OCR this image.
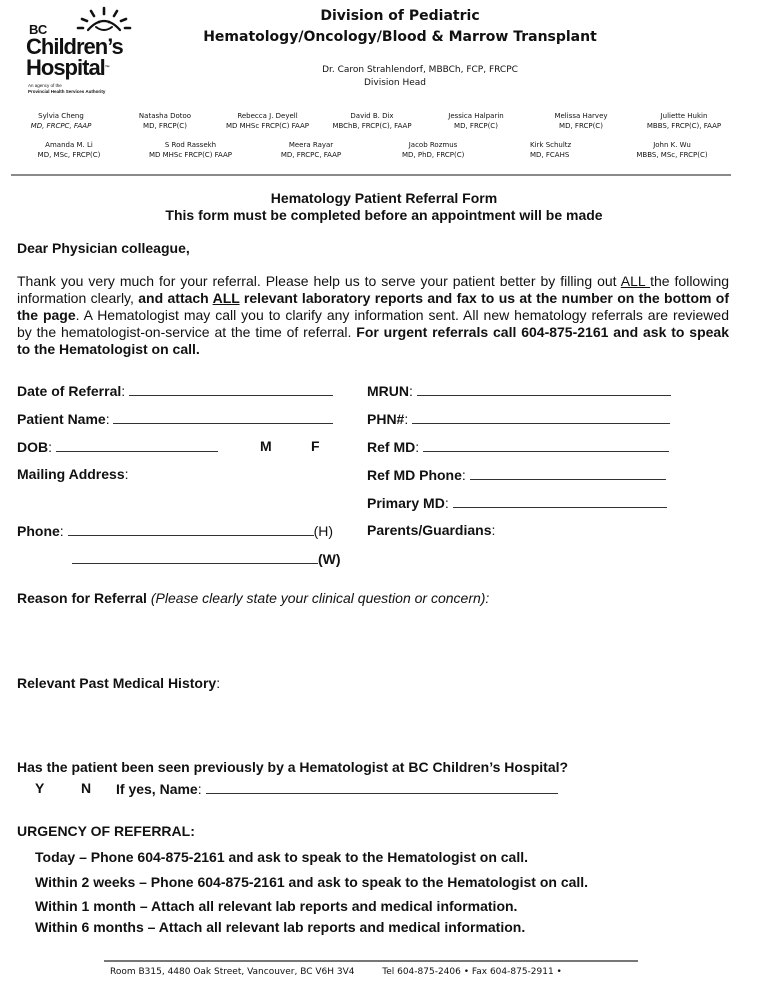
BC
Children’s
Hospital™
An agency of the
Provincial Health Services Authority
Division of Pediatric
Hematology/Oncology/Blood & Marrow Transplant
Dr. Caron Strahlendorf, MBBCh, FCP, FRCPC
Division Head
Sylvia Cheng
MD, FRCPC, FAAP
Natasha Dotoo
MD, FRCP(C)
Rebecca J. Deyell
MD MHSc FRCP(C) FAAP
David B. Dix
MBChB, FRCP(C), FAAP
Jessica Halparin
MD, FRCP(C)
Melissa Harvey
MD, FRCP(C)
Juliette Hukin
MBBS, FRCP(C), FAAP
Amanda M. Li
MD, MSc, FRCP(C)
S Rod Rassekh
MD MHSc FRCP(C) FAAP
Meera Rayar
MD, FRCPC, FAAP
Jacob Rozmus
MD, PhD, FRCP(C)
Kirk Schultz
MD, FCAHS
John K. Wu
MBBS, MSc, FRCP(C)
Hematology Patient Referral Form
This form must be completed before an appointment will be made
Dear Physician colleague,
Thank you very much for your referral. Please help us to serve your patient better by filling out ALL the following information clearly, and attach ALL relevant laboratory reports and fax to us at the number on the bottom of the page. A Hematologist may call you to clarify any information sent. All new hematology referrals are reviewed by the hematologist-on-service at the time of referral. For urgent referrals call 604-875-2161 and ask to speak to the Hematologist on call.
Date of Referral:
Patient Name:
DOB:	M	F
Mailing Address:
Phone:	(H)
(W)
MRUN:
PHN#:
Ref MD:
Ref MD Phone:
Primary MD:
Parents/Guardians:
Reason for Referral (Please clearly state your clinical question or concern):
Relevant Past Medical History:
Has the patient been seen previously by a Hematologist at BC Children’s Hospital?
Y	N If yes, Name:
URGENCY OF REFERRAL:
Today – Phone 604-875-2161 and ask to speak to the Hematologist on call.
Within 2 weeks – Phone 604-875-2161 and ask to speak to the Hematologist on call.
Within 1 month – Attach all relevant lab reports and medical information.
Within 6 months – Attach all relevant lab reports and medical information.
Room B315, 4480 Oak Street, Vancouver, BC V6H 3V4	Tel 604-875-2406 • Fax 604-875-2911 •
